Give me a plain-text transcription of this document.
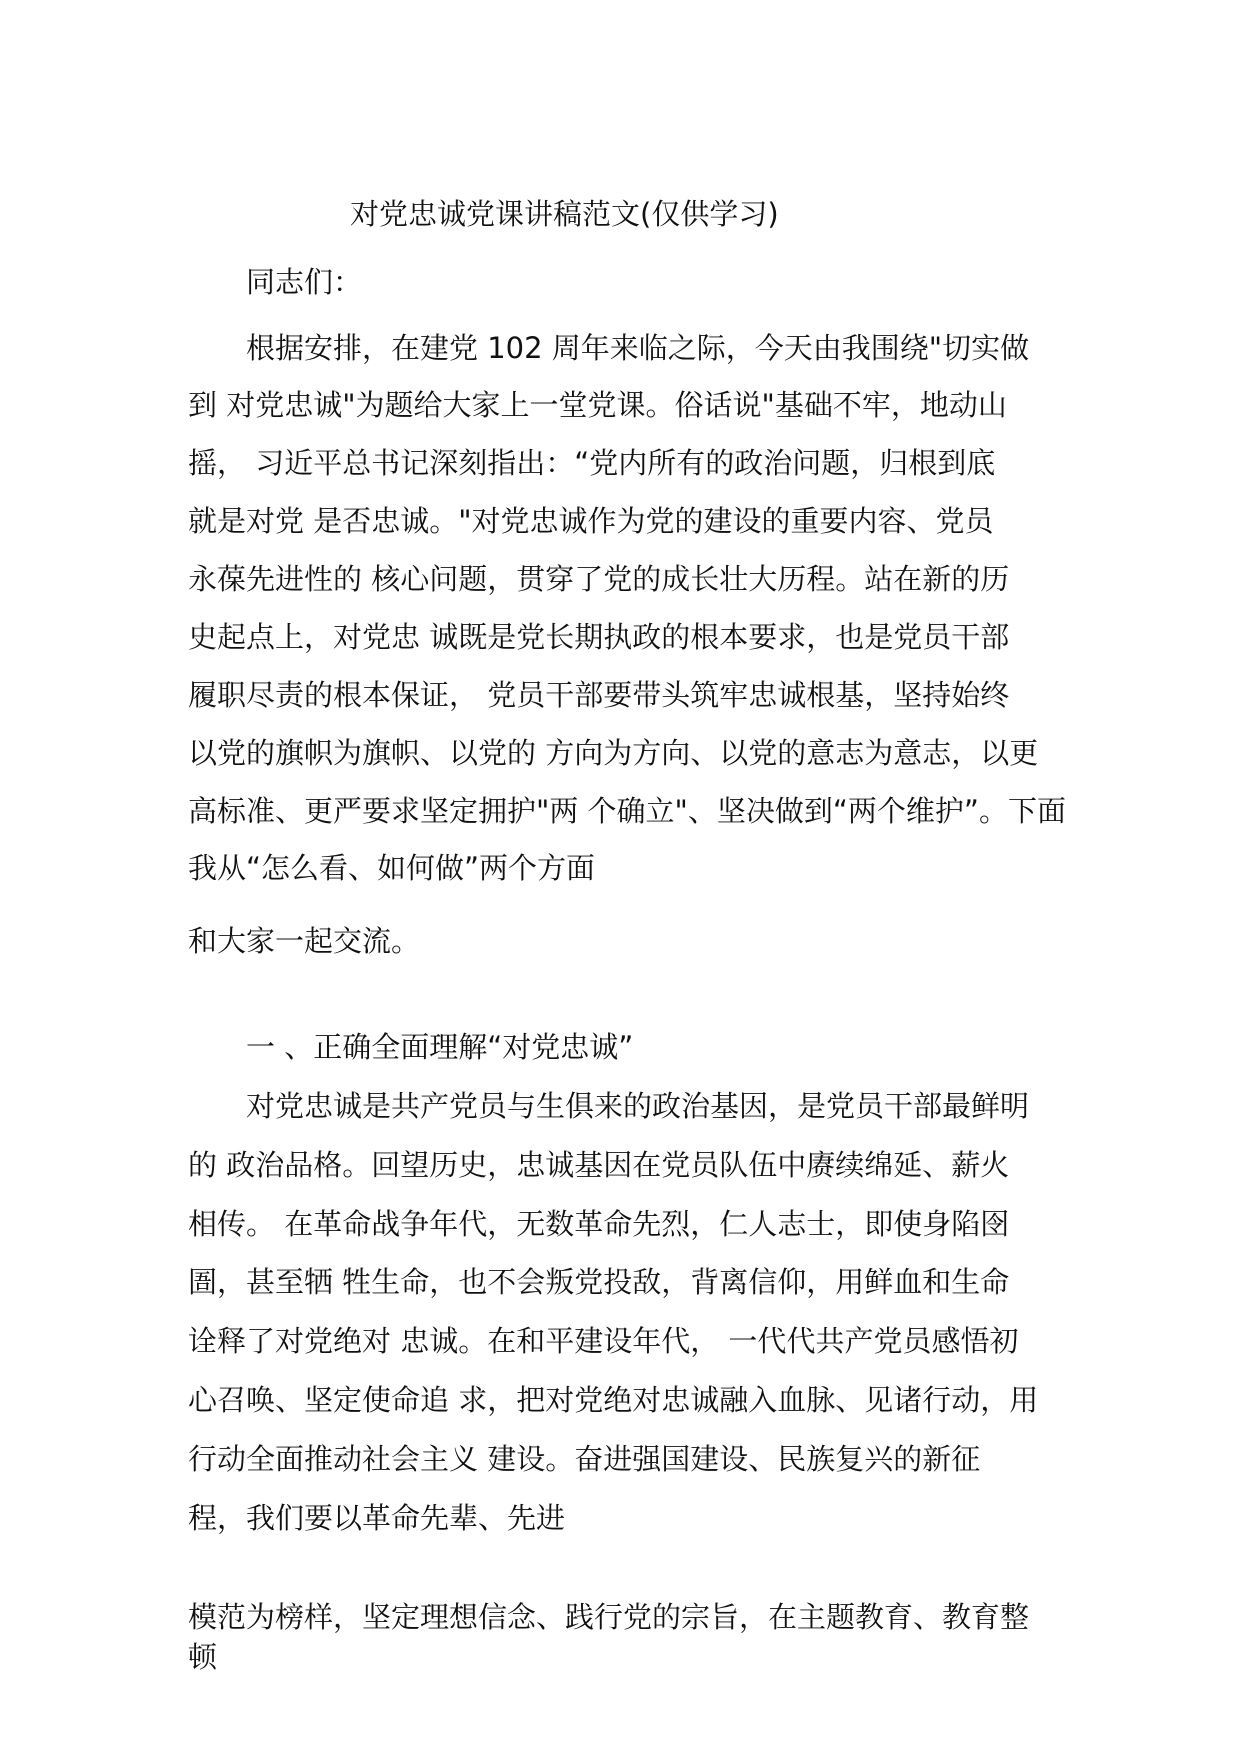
对党忠诚党课讲稿范文(仅供学习)
同志们：
根据安排，在建党 102 周年来临之际，今天由我围绕"切实做
到 对党忠诚"为题给大家上一堂党课。俗话说"基础不牢，地动山
摇， 习近平总书记深刻指出：“党内所有的政治问题，归根到底
就是对党 是否忠诚。"对党忠诚作为党的建设的重要内容、党员
永葆先进性的 核心问题，贯穿了党的成长壮大历程。站在新的历
史起点上，对党忠 诚既是党长期执政的根本要求，也是党员干部
履职尽责的根本保证， 党员干部要带头筑牢忠诚根基，坚持始终
以党的旗帜为旗帜、以党的 方向为方向、以党的意志为意志，以更
高标准、更严要求坚定拥护"两 个确立"、坚决做到“两个维护”。下面
我从“怎么看、如何做”两个方面
和大家一起交流。
一 、正确全面理解“对党忠诚”
对党忠诚是共产党员与生俱来的政治基因，是党员干部最鲜明
的 政治品格。回望历史，忠诚基因在党员队伍中赓续绵延、薪火
相传。 在革命战争年代，无数革命先烈，仁人志士，即使身陷囹
圄，甚至牺 牲生命，也不会叛党投敌，背离信仰，用鲜血和生命
诠释了对党绝对 忠诚。在和平建设年代， 一代代共产党员感悟初
心召唤、坚定使命追 求，把对党绝对忠诚融入血脉、见诸行动，用
行动全面推动社会主义 建设。奋进强国建设、民族复兴的新征
程，我们要以革命先辈、先进
模范为榜样，坚定理想信念、践行党的宗旨，在主题教育、教育整
顿
